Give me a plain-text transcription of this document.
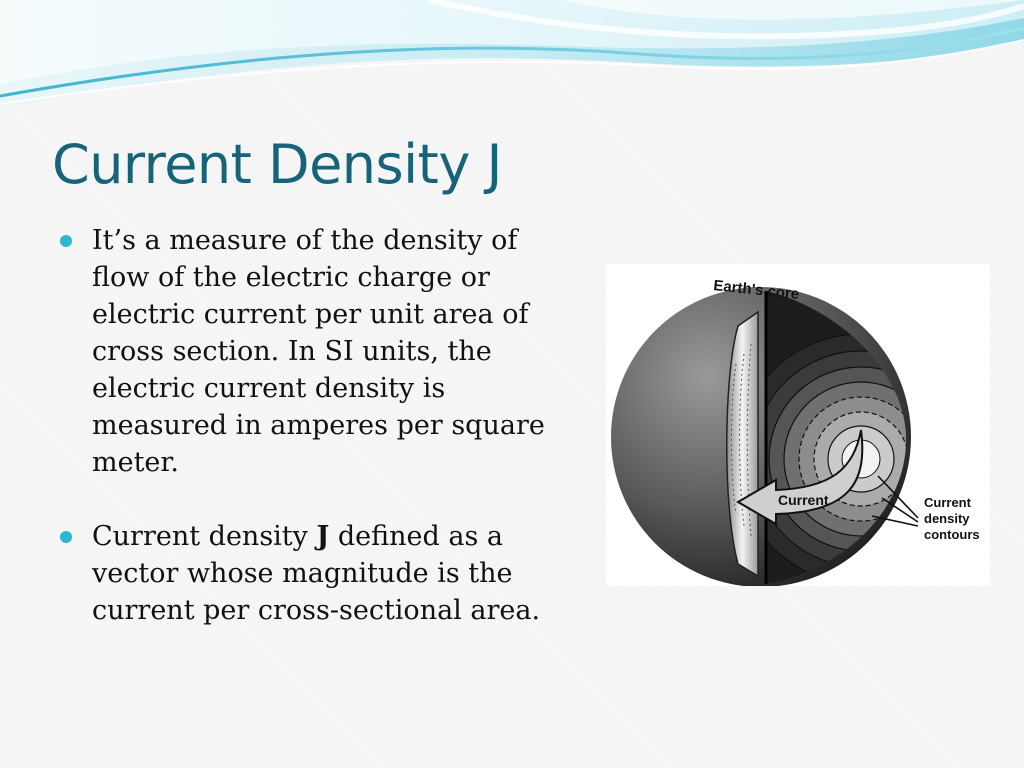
Current Density J
It’s a measure of the density of flow of the electric charge or electric current per unit area of cross section. In SI units, the electric current density is measured in amperes per square meter.
Current density J defined as a vector whose magnitude is the current per cross-sectional area.
Current
Earth's core
Current density contours
